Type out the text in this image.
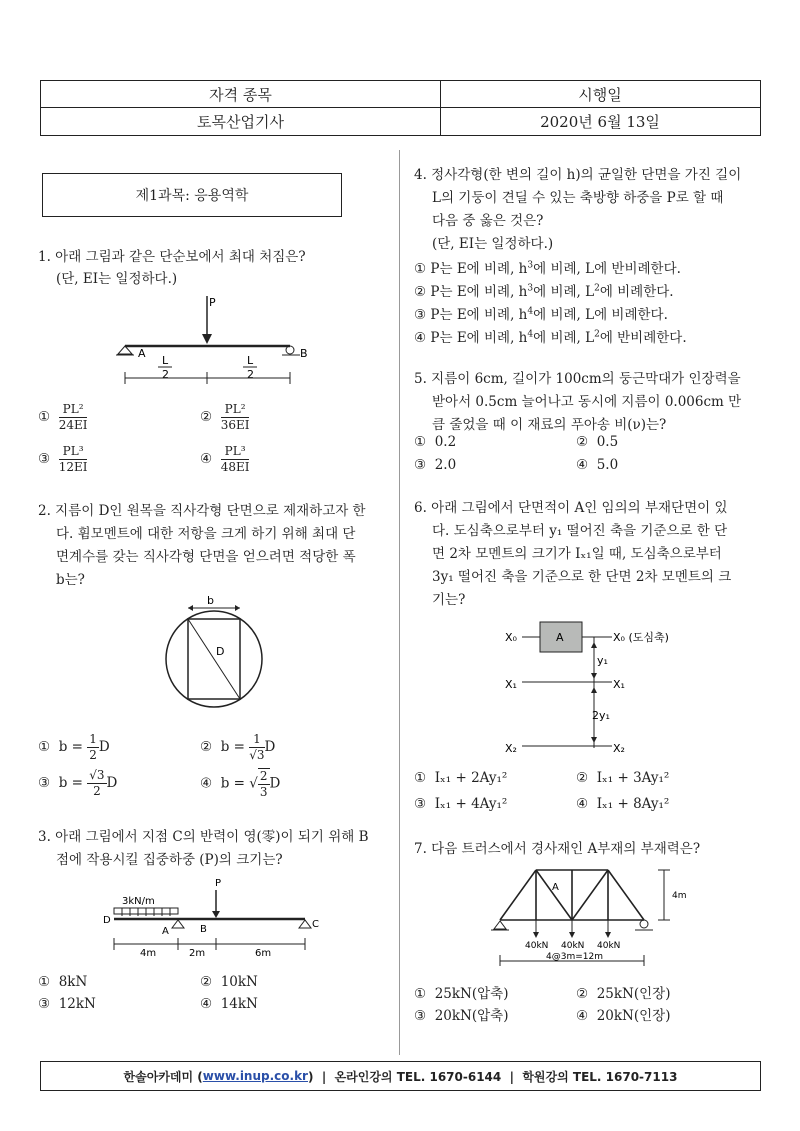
자격 종목	시행일
토목산업기사	2020년 6월 13일
제1과목: 응용역학
1. 아래 그림과 같은 단순보에서 최대 처짐은?
(단, EI는 일정하다.)
P
A	B
L
2
L
2
① $\frac{\text{PL²}}{24EI}$	② $\frac{\text{PL²}}{36EI}$
③ $\frac{\text{PL³}}{12EI}$	④ $\frac{\text{PL³}}{48EI}$
2. 지름이 D인 원목을 직사각형 단면으로 제재하고자 한
다. 휨모멘트에 대한 저항을 크게 하기 위해 최대 단
면계수를 갖는 직사각형 단면을 얻으려면 적당한 폭
b는?
b
D
① $b = \frac{1}{2}$ D	② $b = \frac{1}{√3}$ D
③ $b = \frac{√3}{2}$ D	④ b = √ $\frac{2}{3}$ D
3. 아래 그림에서 지점 C의 반력이 영(零)이 되기 위해 B
점에 작용시킬 집중하중 (P)의 크기는?
3kN/m
P
D
A	B	C
4m	2m	6m
① 8kN	② 10kN
③ 12kN	④ 14kN
4. 정사각형(한 변의 길이 h)의 균일한 단면을 가진 길이
L의 기둥이 견딜 수 있는 축방향 하중을 P로 할 때
다음 중 옳은 것은?
(단, EI는 일정하다.)
① P는 E에 비례, $h^3$에 비례, L에 반비례한다.
② P는 E에 비례, $h^3$에 비례, $L^2$에 비례한다.
③ P는 E에 비례, $h^4$에 비례, L에 비례한다.
④ P는 E에 비례, $h^4$에 비례, $L^2$에 반비례한다.
5. 지름이 6cm, 길이가 100cm의 둥근막대가 인장력을
받아서 0.5cm 늘어나고 동시에 지름이 0.006cm 만
큼 줄었을 때 이 재료의 푸아송 비(ν)는?
① 0.2	② 0.5
③ 2.0	④ 5.0
6. 아래 그림에서 단면적이 A인 임의의 부재단면이 있
다. 도심축으로부터 y₁ 떨어진 축을 기준으로 한 단
면 2차 모멘트의 크기가 Iₓ₁일 때, 도심축으로부터
3y₁ 떨어진 축을 기준으로 한 단면 2차 모멘트의 크
기는?
X₀	A	X₀ (도심축)
y₁
X₁	X₁
2y₁
X₂	X₂
① Iₓ₁ + 2Ay₁²	② Iₓ₁ + 3Ay₁²
③ Iₓ₁ + 4Ay₁²	④ Iₓ₁ + 8Ay₁²
7. 다음 트러스에서 경사재인 A부재의 부재력은?
A
40kN 40kN 40kN
4@3m=12m
4m
① 25kN(압축)	② 25kN(인장)
③ 20kN(압축)	④ 20kN(인장)
한솔아카데미 ( www.inup.co.kr )  |  온라인강의 TEL. 1670-6144  |  학원강의 TEL. 1670-7113
